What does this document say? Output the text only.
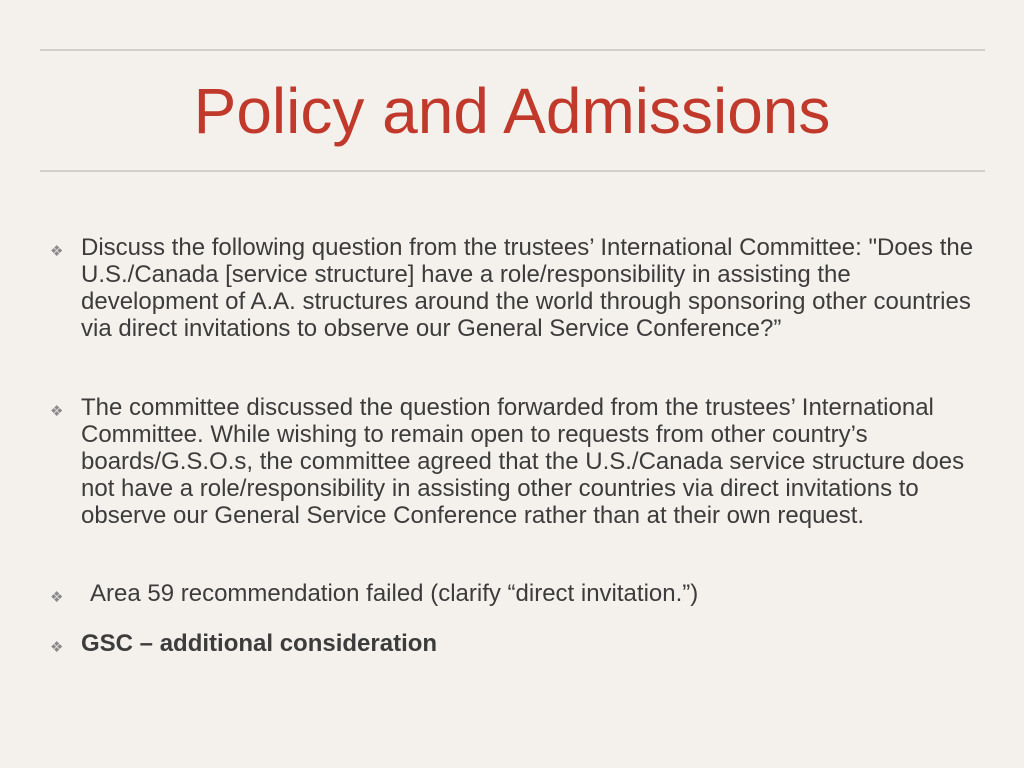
Policy and Admissions
❖ Discuss the following question from the trustees’ International Committee: "Does the U.S./Canada [service structure] have a role/responsibility in assisting the development of A.A. structures around the world through sponsoring other countries via direct invitations to observe our General Service Conference?”
❖ The committee discussed the question forwarded from the trustees’ International Committee. While wishing to remain open to requests from other country’s boards/G.S.O.s, the committee agreed that the U.S./Canada service structure does not have a role/responsibility in assisting other countries via direct invitations to observe our General Service Conference rather than at their own request.
❖ Area 59 recommendation failed (clarify “direct invitation.”)
❖ GSC – additional consideration
